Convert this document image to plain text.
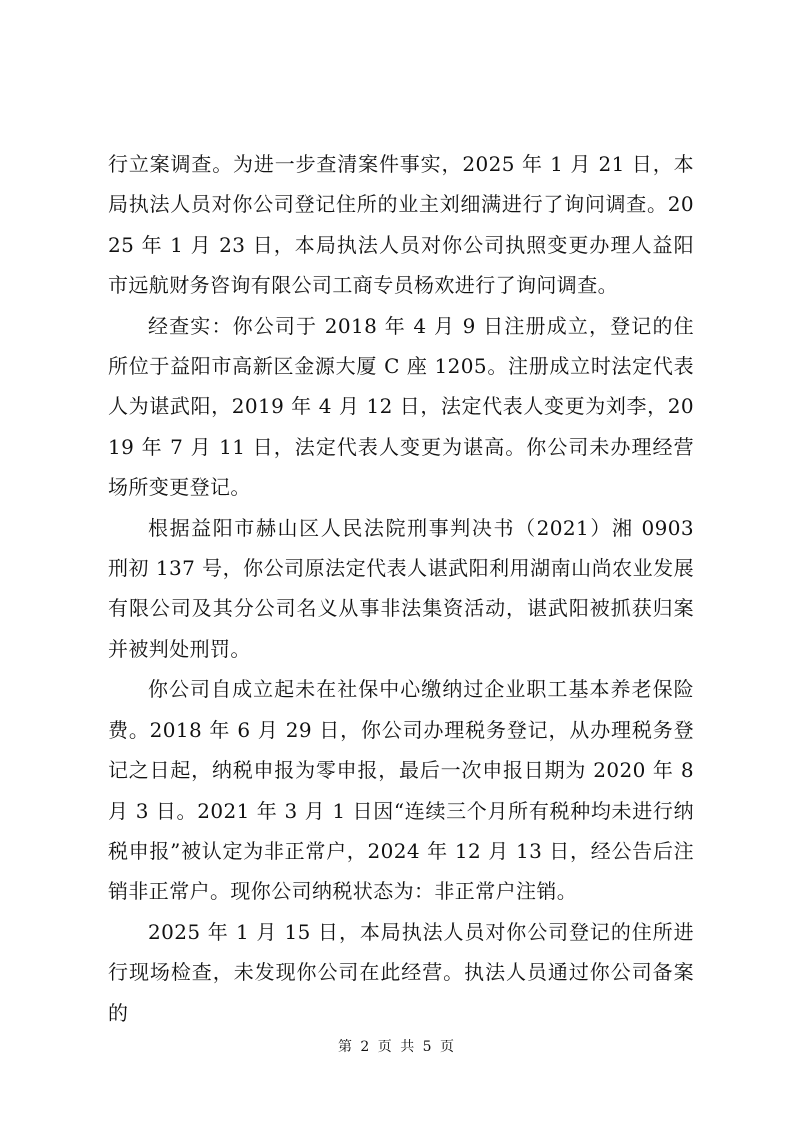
行立案调查。为进一步查清案件事实，2025 年 1 月 21 日，本局执法人员对你公司登记住所的业主刘细满进行了询问调查。2025 年 1 月 23 日，本局执法人员对你公司执照变更办理人益阳市远航财务咨询有限公司工商专员杨欢进行了询问调查。

经查实：你公司于 2018 年 4 月 9 日注册成立，登记的住所位于益阳市高新区金源大厦 C 座 1205。注册成立时法定代表人为谌武阳，2019 年 4 月 12 日，法定代表人变更为刘李，2019 年 7 月 11 日，法定代表人变更为谌高。你公司未办理经营场所变更登记。

根据益阳市赫山区人民法院刑事判决书（2021）湘 0903 刑初 137 号，你公司原法定代表人谌武阳利用湖南山尚农业发展有限公司及其分公司名义从事非法集资活动，谌武阳被抓获归案并被判处刑罚。

你公司自成立起未在社保中心缴纳过企业职工基本养老保险费。2018 年 6 月 29 日，你公司办理税务登记，从办理税务登记之日起，纳税申报为零申报，最后一次申报日期为 2020 年 8 月 3 日。2021 年 3 月 1 日因“连续三个月所有税种均未进行纳税申报”被认定为非正常户，2024 年 12 月 13 日，经公告后注销非正常户。现你公司纳税状态为：非正常户注销。

2025 年 1 月 15 日，本局执法人员对你公司登记的住所进行现场检查，未发现你公司在此经营。执法人员通过你公司备案的

第 2 页 共 5 页
